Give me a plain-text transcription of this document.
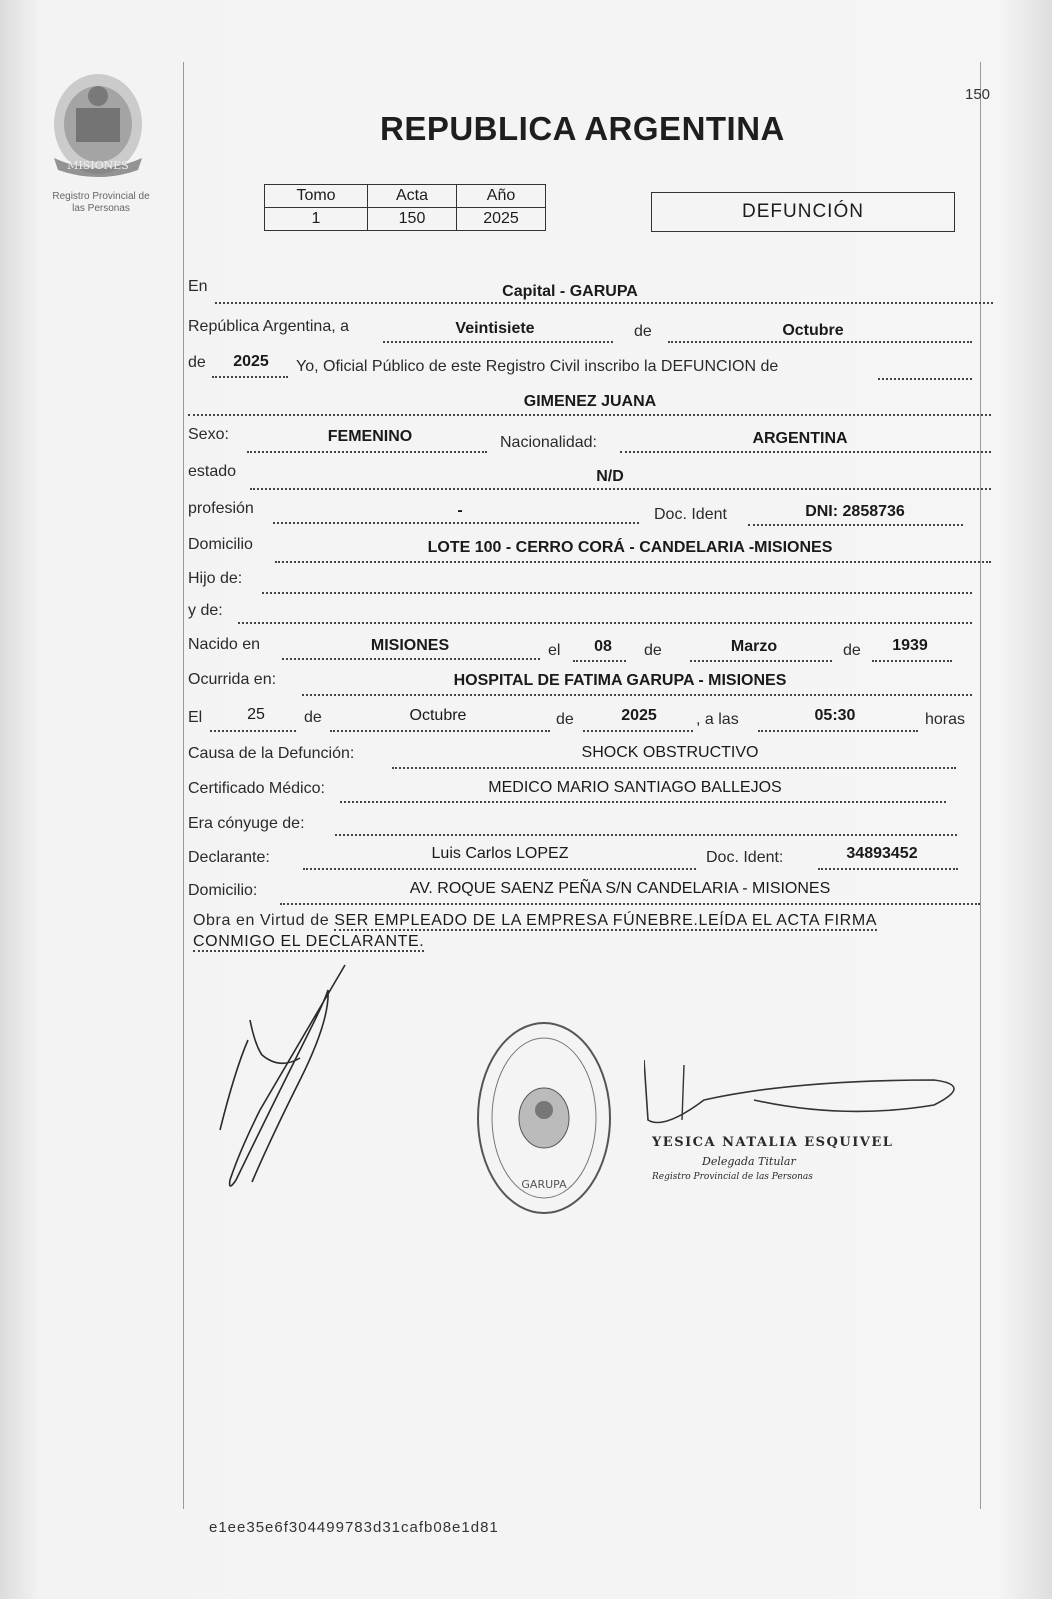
MISIONES
Registro Provincial de
las Personas
REPUBLICA ARGENTINA
150
Tomo	Acta	Año
1	150	2025	DEFUNCIÓN
En	Capital - GARUPA
República Argentina, a	Veintisiete	de	Octubre
de	2025	Yo, Oficial Público de este Registro Civil inscribo la DEFUNCION de
GIMENEZ JUANA
Sexo:	FEMENINO	Nacionalidad:	ARGENTINA
estado	N/D
profesión	-	Doc. Ident	DNI: 2858736
Domicilio	LOTE 100 - CERRO CORÁ - CANDELARIA -MISIONES
Hijo de:
y de:
Nacido en	MISIONES	el	08	de	Marzo	de	1939
Ocurrida en:	HOSPITAL DE FATIMA GARUPA - MISIONES
El	25	de	Octubre	de	2025	, a las	05:30	horas
Causa de la Defunción:	SHOCK OBSTRUCTIVO
Certificado Médico:	MEDICO MARIO SANTIAGO BALLEJOS
Era cónyuge de:
Declarante:	Luis Carlos LOPEZ	Doc. Ident:	34893452
Domicilio:	AV. ROQUE SAENZ PEÑA S/N CANDELARIA - MISIONES
Obra en Virtud de SER EMPLEADO DE LA EMPRESA FÚNEBRE.LEÍDA EL ACTA FIRMA
CONMIGO EL DECLARANTE.
GARUPA
YESICA NATALIA ESQUIVEL
Delegada Titular
Registro Provincial de las Personas
e1ee35e6f304499783d31cafb08e1d81
